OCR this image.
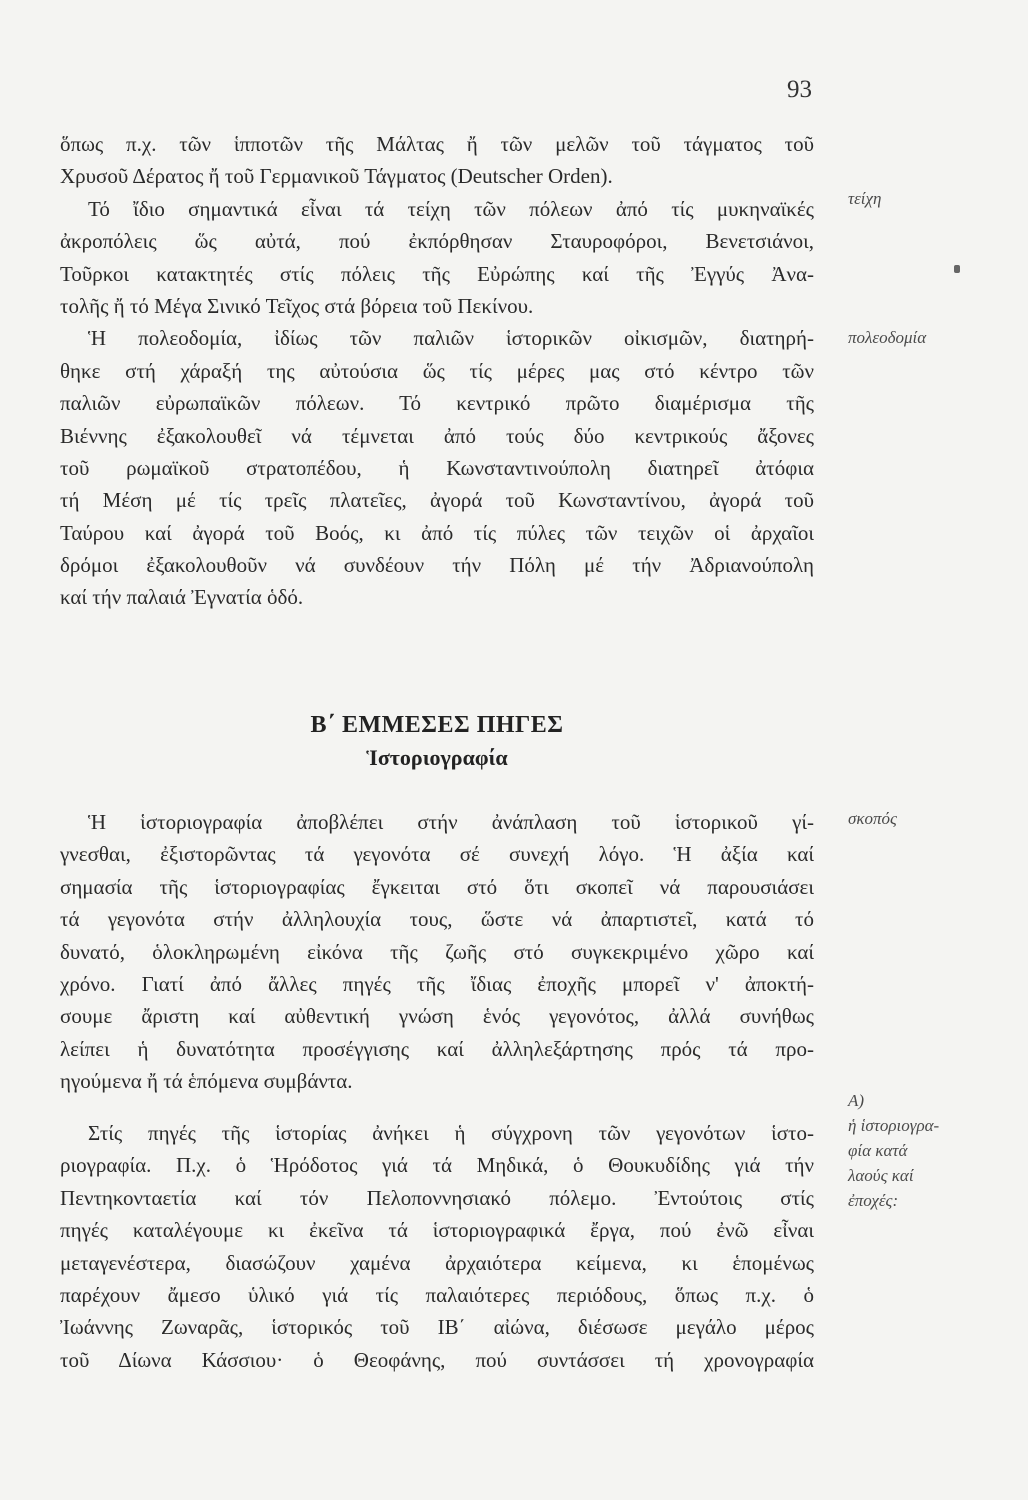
93
ὅπως π.χ. τῶν ἱπποτῶν τῆς Μάλτας ἤ τῶν μελῶν τοῦ τάγματος τοῦ
Χρυσοῦ Δέρατος ἤ τοῦ Γερμανικοῦ Τάγματος (Deutscher Orden).
Τό ἴδιο σημαντικά εἶναι τά τείχη τῶν πόλεων ἀπό τίς μυκηναϊκές
ἀκροπόλεις ὥς αὐτά, πού ἐκπόρθησαν Σταυροφόροι, Βενετσιάνοι,
Τοῦρκοι κατακτητές στίς πόλεις τῆς Εὐρώπης καί τῆς Ἐγγύς Ἀνα-
τολῆς ἤ τό Μέγα Σινικό Τεῖχος στά βόρεια τοῦ Πεκίνου.
Ἡ πολεοδομία, ἰδίως τῶν παλιῶν ἱστορικῶν οἰκισμῶν, διατηρή-
θηκε στή χάραξή της αὐτούσια ὥς τίς μέρες μας στό κέντρο τῶν
παλιῶν εὐρωπαϊκῶν πόλεων. Τό κεντρικό πρῶτο διαμέρισμα τῆς
Βιέννης ἐξακολουθεῖ νά τέμνεται ἀπό τούς δύο κεντρικούς ἄξονες
τοῦ ρωμαϊκοῦ στρατοπέδου, ἡ Κωνσταντινούπολη διατηρεῖ ἀτόφια
τή Μέση μέ τίς τρεῖς πλατεῖες, ἀγορά τοῦ Κωνσταντίνου, ἀγορά τοῦ
Ταύρου καί ἀγορά τοῦ Βοός, κι ἀπό τίς πύλες τῶν τειχῶν οἱ ἀρχαῖοι
δρόμοι ἐξακολουθοῦν νά συνδέουν τήν Πόλη μέ τήν Ἀδριανούπολη
καί τήν παλαιά Ἐγνατία ὁδό.
Β΄ ΕΜΜΕΣΕΣ ΠΗΓΕΣ
Ἱστοριογραφία
Ἡ ἱστοριογραφία ἀποβλέπει στήν ἀνάπλαση τοῦ ἱστορικοῦ γί-
γνεσθαι, ἐξιστορῶντας τά γεγονότα σέ συνεχή λόγο. Ἡ ἀξία καί
σημασία τῆς ἱστοριογραφίας ἔγκειται στό ὅτι σκοπεῖ νά παρουσιάσει
τά γεγονότα στήν ἀλληλουχία τους, ὥστε νά ἀπαρτιστεῖ, κατά τό
δυνατό, ὁλοκληρωμένη εἰκόνα τῆς ζωῆς στό συγκεκριμένο χῶρο καί
χρόνο. Γιατί ἀπό ἄλλες πηγές τῆς ἴδιας ἐποχῆς μπορεῖ ν' ἀποκτή-
σουμε ἄριστη καί αὐθεντική γνώση ἑνός γεγονότος, ἀλλά συνήθως
λείπει ἡ δυνατότητα προσέγγισης καί ἀλληλεξάρτησης πρός τά προ-
ηγούμενα ἤ τά ἑπόμενα συμβάντα.
Στίς πηγές τῆς ἱστορίας ἀνήκει ἡ σύγχρονη τῶν γεγονότων ἱστο-
ριογραφία. Π.χ. ὁ Ἡρόδοτος γιά τά Μηδικά, ὁ Θουκυδίδης γιά τήν
Πεντηκονταετία καί τόν Πελοποννησιακό πόλεμο. Ἐντούτοις στίς
πηγές καταλέγουμε κι ἐκεῖνα τά ἱστοριογραφικά ἔργα, πού ἐνῶ εἶναι
μεταγενέστερα, διασώζουν χαμένα ἀρχαιότερα κείμενα, κι ἑπομένως
παρέχουν ἄμεσο ὑλικό γιά τίς παλαιότερες περιόδους, ὅπως π.χ. ὁ
Ἰωάννης Ζωναρᾶς, ἱστορικός τοῦ ΙΒ΄ αἰώνα, διέσωσε μεγάλο μέρος
τοῦ Δίωνα Κάσσιου· ὁ Θεοφάνης, πού συντάσσει τή χρονογραφία
τείχη
πολεοδομία
σκοπός
Α)
ἡ ἱστοριογρα-
φία κατά
λαούς καί
ἐποχές:
